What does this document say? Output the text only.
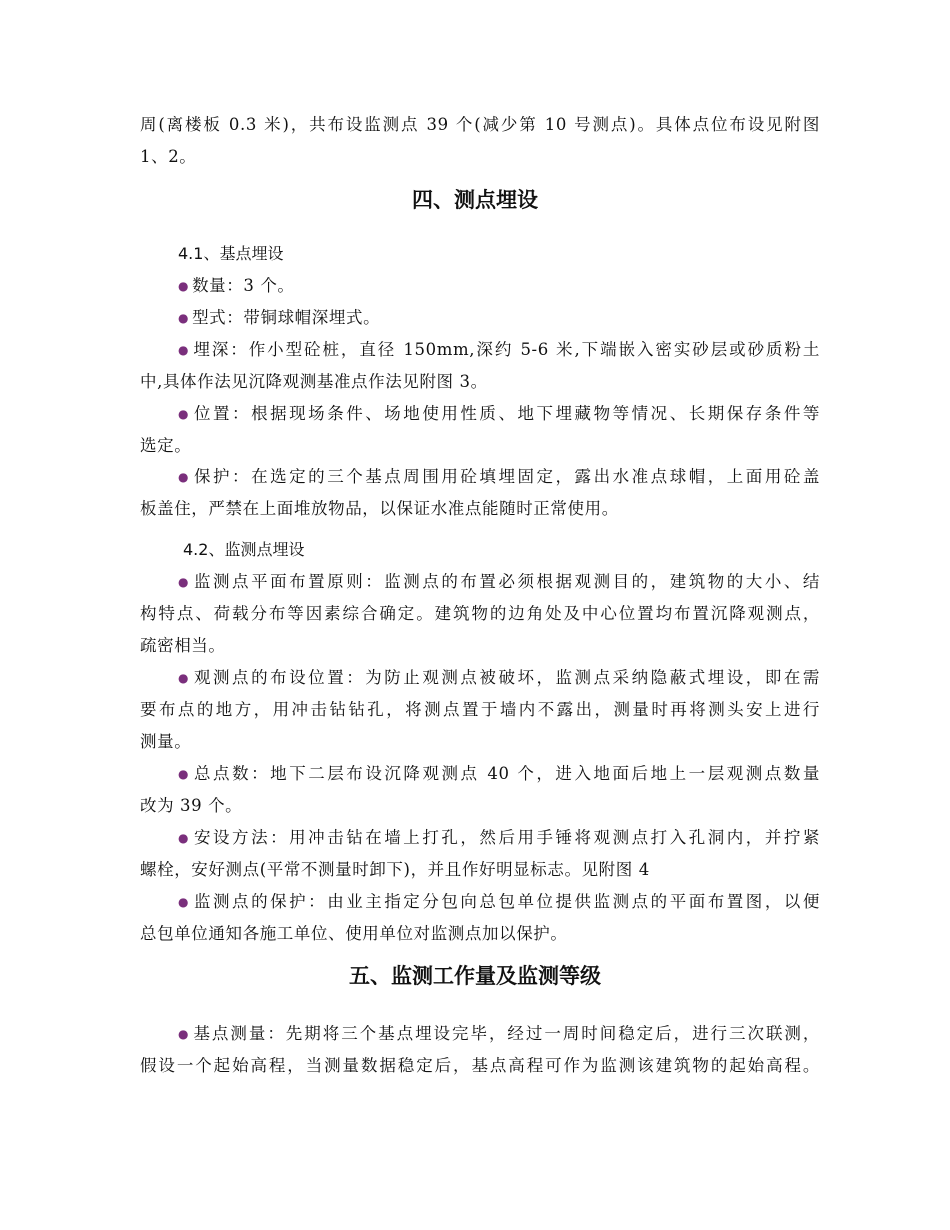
周(离楼板 0.3 米)，共布设监测点 39 个(减少第 10 号测点)。具体点位布设见附图
1、2。
四、测点埋设
4.1、基点埋设
● 数量：3 个。
● 型式：带铜球帽深埋式。
● 埋深：作小型砼桩，直径 150mm,深约 5-6 米,下端嵌入密实砂层或砂质粉土
中,具体作法见沉降观测基准点作法见附图 3。
● 位置：根据现场条件、场地使用性质、地下埋藏物等情况、长期保存条件等
选定。
● 保护：在选定的三个基点周围用砼填埋固定，露出水准点球帽，上面用砼盖
板盖住，严禁在上面堆放物品，以保证水准点能随时正常使用。
4.2、监测点埋设
● 监测点平面布置原则：监测点的布置必须根据观测目的，建筑物的大小、结
构特点、荷载分布等因素综合确定。建筑物的边角处及中心位置均布置沉降观测点，
疏密相当。
● 观测点的布设位置：为防止观测点被破坏，监测点采纳隐蔽式埋设，即在需
要布点的地方，用冲击钻钻孔，将测点置于墙内不露出，测量时再将测头安上进行
测量。
● 总点数：地下二层布设沉降观测点 40 个，进入地面后地上一层观测点数量
改为 39 个。
● 安设方法：用冲击钻在墙上打孔，然后用手锤将观测点打入孔洞内，并拧紧
螺栓，安好测点(平常不测量时卸下)，并且作好明显标志。见附图 4
● 监测点的保护：由业主指定分包向总包单位提供监测点的平面布置图，以便
总包单位通知各施工单位、使用单位对监测点加以保护。
五、监测工作量及监测等级
● 基点测量：先期将三个基点埋设完毕，经过一周时间稳定后，进行三次联测，
假设一个起始高程，当测量数据稳定后，基点高程可作为监测该建筑物的起始高程。
